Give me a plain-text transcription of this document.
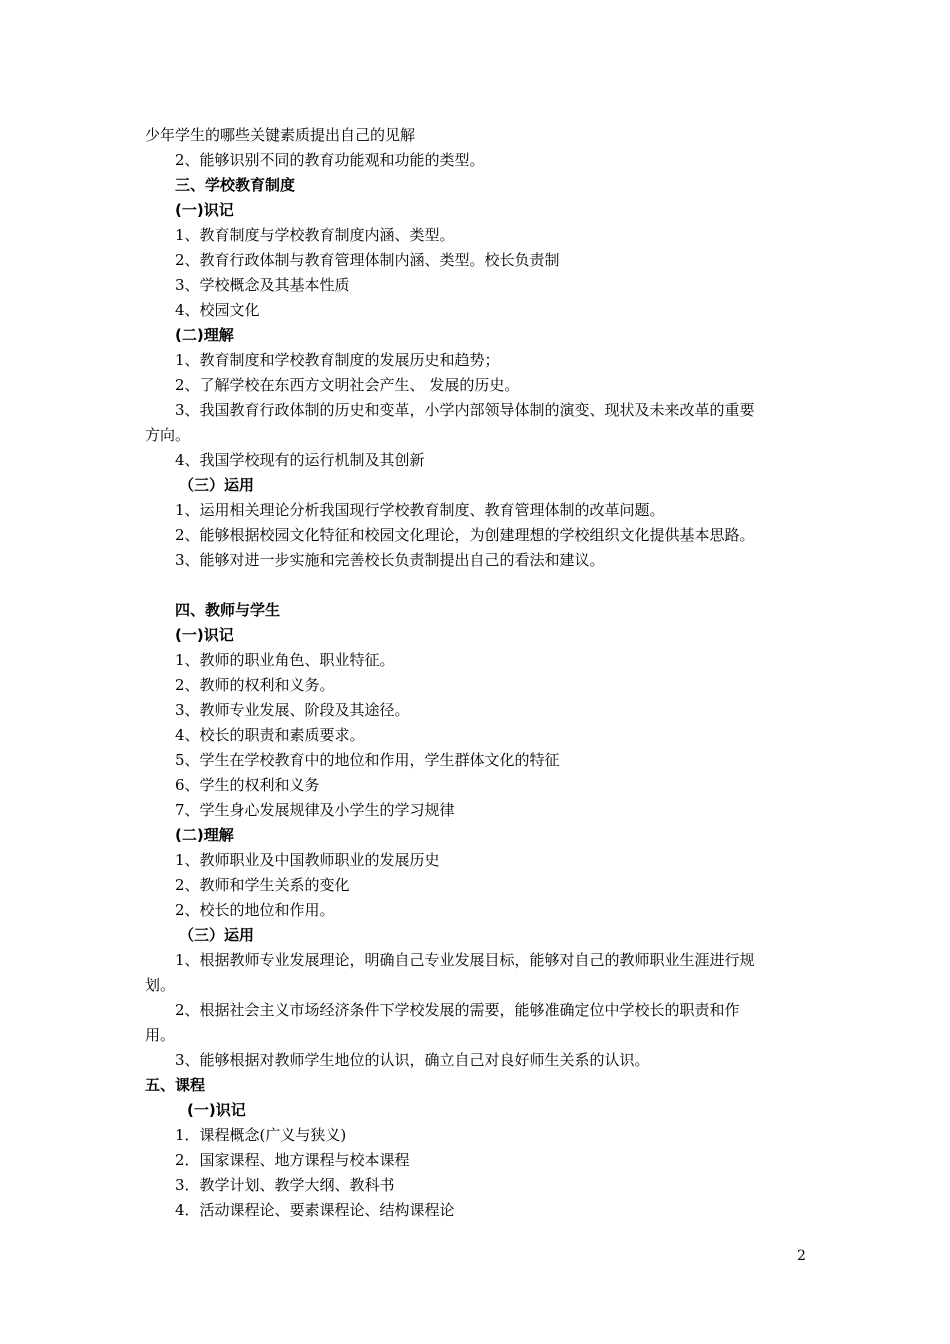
少年学生的哪些关键素质提出自己的见解
2、能够识别不同的教育功能观和功能的类型。
三、学校教育制度
(一)识记
1、教育制度与学校教育制度内涵、类型。
2、教育行政体制与教育管理体制内涵、类型。校长负责制
3、学校概念及其基本性质
4、校园文化
(二)理解
1、教育制度和学校教育制度的发展历史和趋势；
2、了解学校在东西方文明社会产生、 发展的历史。
3、我国教育行政体制的历史和变革，小学内部领导体制的演变、现状及未来改革的重要
方向。
4、我国学校现有的运行机制及其创新
（三）运用
1、运用相关理论分析我国现行学校教育制度、教育管理体制的改革问题。
2、能够根据校园文化特征和校园文化理论，为创建理想的学校组织文化提供基本思路。
3、能够对进一步实施和完善校长负责制提出自己的看法和建议。
四、教师与学生
(一)识记
1、教师的职业角色、职业特征。
2、教师的权利和义务。
3、教师专业发展、阶段及其途径。
4、校长的职责和素质要求。
5、学生在学校教育中的地位和作用，学生群体文化的特征
6、学生的权利和义务
7、学生身心发展规律及小学生的学习规律
(二)理解
1、教师职业及中国教师职业的发展历史
2、教师和学生关系的变化
2、校长的地位和作用。
（三）运用
1、根据教师专业发展理论，明确自己专业发展目标，能够对自己的教师职业生涯进行规
划。
2、根据社会主义市场经济条件下学校发展的需要，能够准确定位中学校长的职责和作
用。
3、能够根据对教师学生地位的认识，确立自己对良好师生关系的认识。
五、课程
(一)识记
1．课程概念(广义与狭义)
2．国家课程、地方课程与校本课程
3．教学计划、教学大纲、教科书
4．活动课程论、要素课程论、结构课程论
2
